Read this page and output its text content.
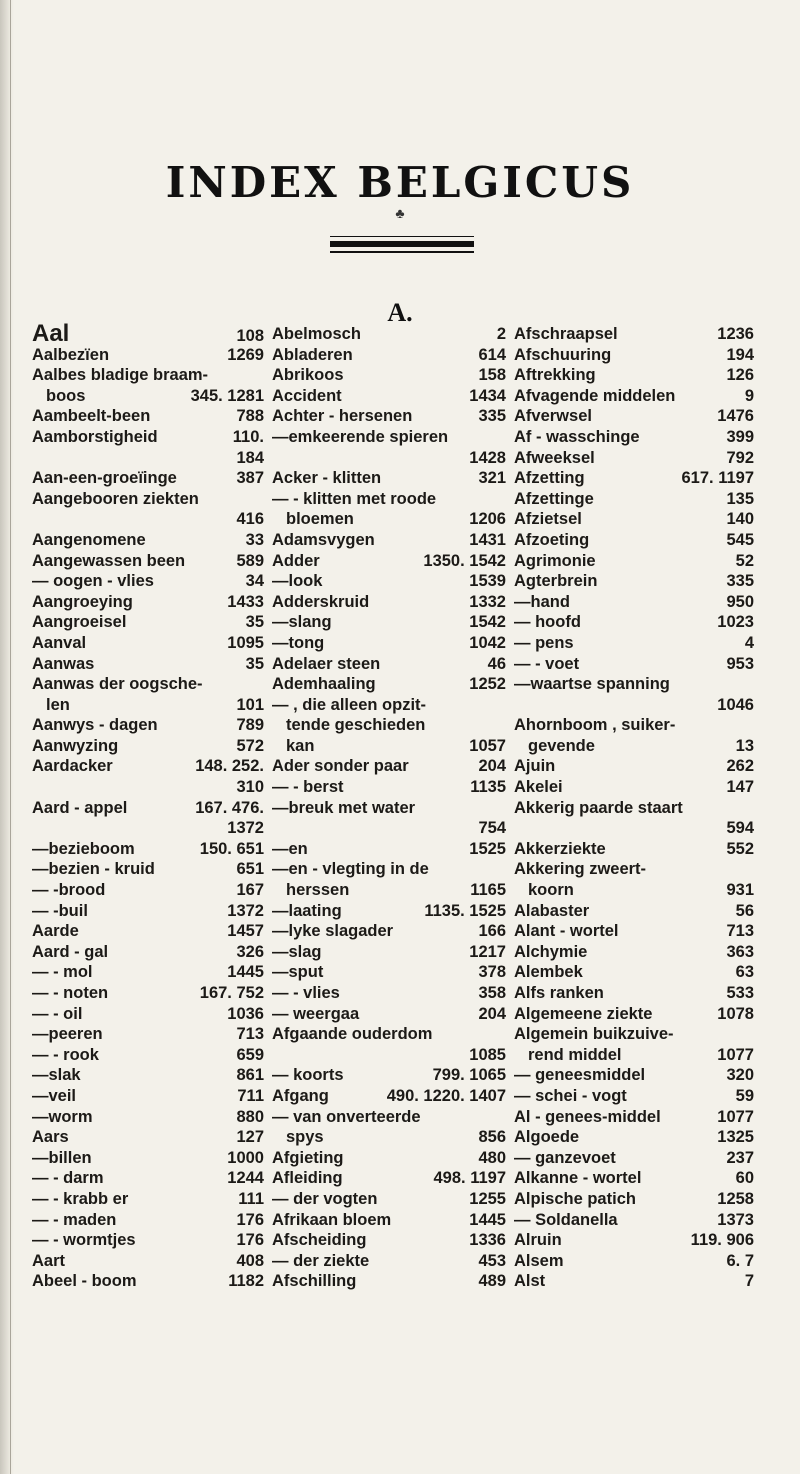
INDEX BELGICUS
♣
A.
Aal	108
Aalbezïen	1269
Aalbes bladige braam-
boos	345. 1281
Aambeelt-been	788
Aamborstigheid	110.
184
Aan-een-groeïinge	387
Aangebooren ziekten
416
Aangenomene	33
Aangewassen been	589
— oogen - vlies	34
Aangroeying	1433
Aangroeisel	35
Aanval	1095
Aanwas	35
Aanwas der oogsche-
len	101
Aanwys - dagen	789
Aanwyzing	572
Aardacker	148. 252.
310
Aard - appel	167. 476.
1372
—bezieboom	150. 651
—bezien - kruid	651
— -brood	167
— -buil	1372
Aarde	1457
Aard - gal	326
— - mol	1445
— - noten	167. 752
— - oil	1036
—peeren	713
— - rook	659
—slak	861
—veil	711
—worm	880
Aars	127
—billen	1000
— - darm	1244
— - krabb er	111
— - maden	176
— - wormtjes	176
Aart	408
Abeel - boom	1182
Abelmosch	2
Abladeren	614
Abrikoos	158
Accident	1434
Achter - hersenen	335
—emkeerende spieren
1428
Acker - klitten	321
— - klitten met roode
bloemen	1206
Adamsvygen	1431
Adder	1350. 1542
—look	1539
Adderskruid	1332
—slang	1542
—tong	1042
Adelaer steen	46
Ademhaaling	1252
— , die alleen opzit-
tende geschieden
kan	1057
Ader sonder paar	204
— - berst	1135
—breuk met water
754
—en	1525
—en - vlegting in de
herssen	1165
—laating	1135. 1525
—lyke slagader	166
—slag	1217
—sput	378
— - vlies	358
— weergaa	204
Afgaande ouderdom
1085
— koorts	799. 1065
Afgang	490. 1220. 1407
— van onverteerde
spys	856
Afgieting	480
Afleiding	498. 1197
— der vogten	1255
Afrikaan bloem	1445
Afscheiding	1336
— der ziekte	453
Afschilling	489
Afschraapsel	1236
Afschuuring	194
Aftrekking	126
Afvagende middelen	9
Afverwsel	1476
Af - wasschinge	399
Afweeksel	792
Afzetting	617. 1197
Afzettinge	135
Afzietsel	140
Afzoeting	545
Agrimonie	52
Agterbrein	335
—hand	950
— hoofd	1023
— pens	4
— - voet	953
—waartse spanning
1046
Ahornboom , suiker-
gevende	13
Ajuin	262
Akelei	147
Akkerig paarde staart
594
Akkerziekte	552
Akkering zweert-
koorn	931
Alabaster	56
Alant - wortel	713
Alchymie	363
Alembek	63
Alfs ranken	533
Algemeene ziekte	1078
Algemein buikzuive-
rend middel	1077
— geneesmiddel	320
— schei - vogt	59
Al - genees-middel	1077
Algoede	1325
— ganzevoet	237
Alkanne - wortel	60
Alpische patich	1258
— Soldanella	1373
Alruin	119. 906
Alsem	6. 7
Alst	7
